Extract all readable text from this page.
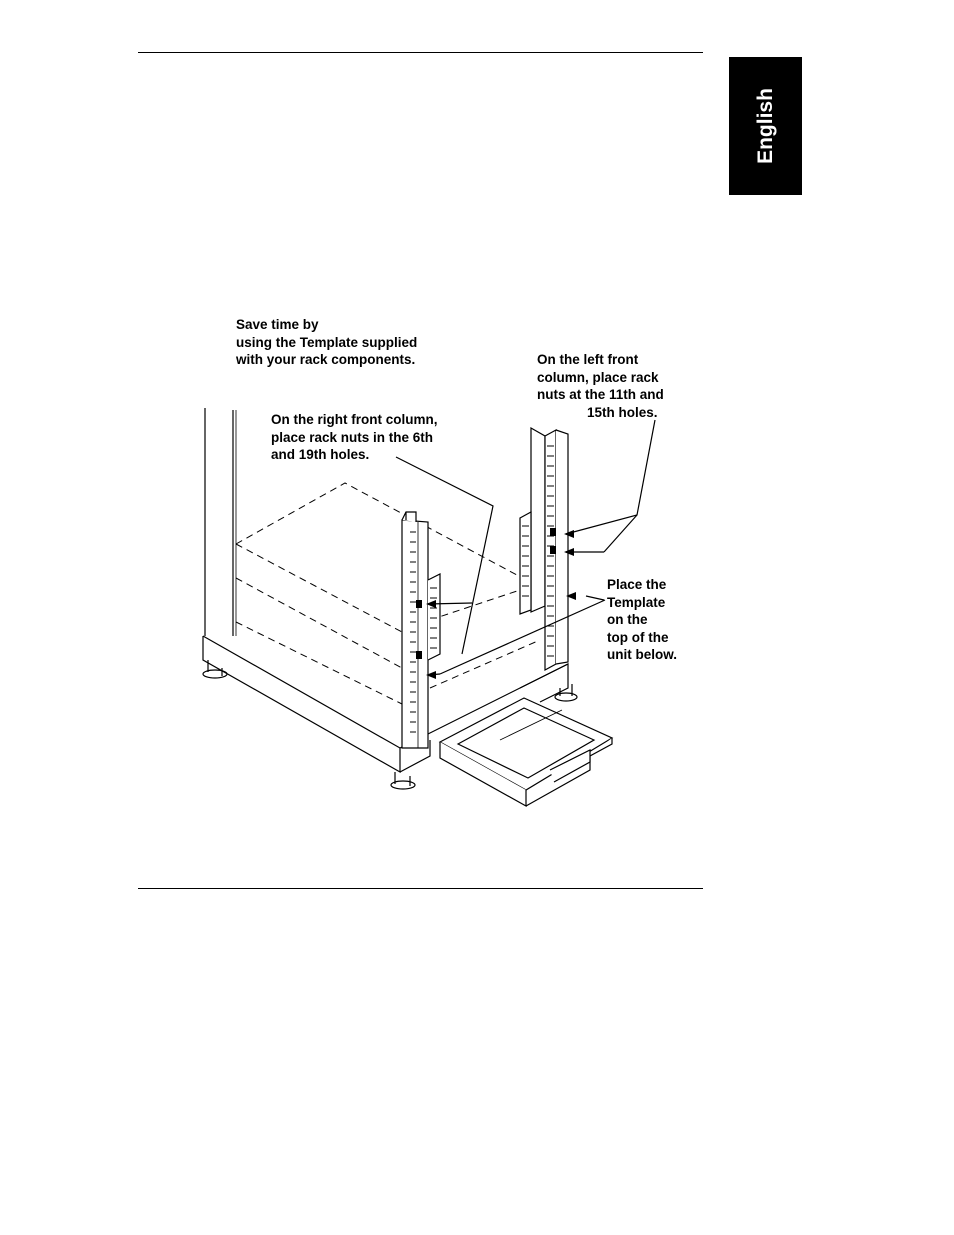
English
Save time by
using the Template supplied
with your rack components.	On the left front
column, place rack
nuts at the 11th and
15th holes.
On the right front column,
place rack nuts in the 6th
and 19th holes.
Place the
Template
on the
top of the
unit below.
